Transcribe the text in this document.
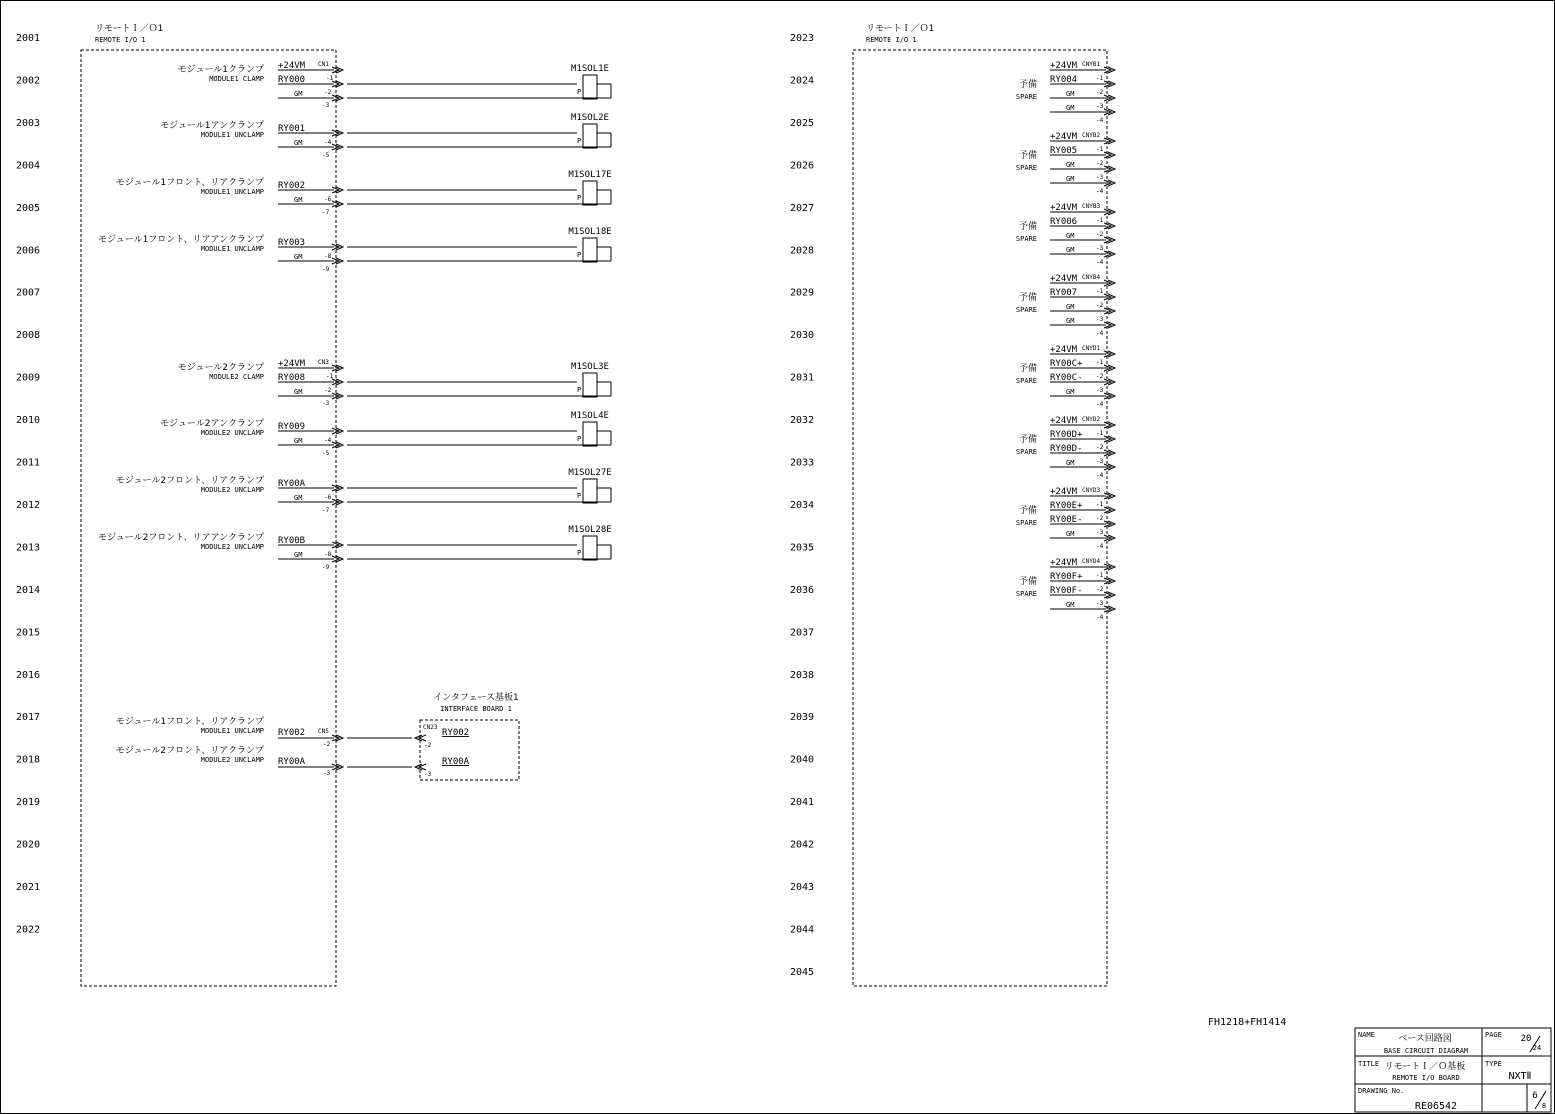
2001
2002
2003
2004
2005
2006
2007
2008
2009
2010
2011
2012
2013
2014
2015
2016
2017
2018
2019
2020
2021
2022
リモートＩ／Ｏ1
REMOTE I/O 1
モジュール1クランプ
MODULE1 CLAMP
+24VM CN1
-1
-2
-3
RY000
GM
M1SOL1E
P
モジュール1アンクランプ
MODULE1 UNCLAMP
-4
-5
RY001
GM
M1SOL2E
P
モジュール1フロント、リアクランプ
MODULE1 UNCLAMP
-6
-7
RY002
GM
M1SOL17E
P
モジュール1フロント、リアアンクランプ
MODULE1 UNCLAMP
-8
-9
RY003
GM
M1SOL18E
P
モジュール2クランプ
MODULE2 CLAMP
+24VM CN3
-1
-2
-3
RY008
GM
M1SOL3E
P
モジュール2アンクランプ
MODULE2 UNCLAMP
-4
-5
RY009
GM
M1SOL4E
P
モジュール2フロント、リアクランプ
MODULE2 UNCLAMP
-6
-7
RY00A
GM
M1SOL27E
P
モジュール2フロント、リアアンクランプ
MODULE2 UNCLAMP
-8
-9
RY00B
GM
M1SOL28E
P
インタフェース基板1
INTERFACE BOARD 1
CN5
CN23
モジュール1フロント、リアクランプ
MODULE1 UNCLAMP RY002
-2	-2
RY002
モジュール2フロント、リアクランプ
MODULE2 UNCLAMP RY00A
-3	-3
RY00A
2023
2024
2025
2026
2027
2028
2029
2030
2031
2032
2033
2034
2035
2036
2037
2038
2039
2040
2041
2042
2043
2044
2045
リモートＩ／Ｏ1
REMOTE I/O 1
+24VM CNYB1
予備
SPARE
RY004
GM
GM
-1
-2
-3
-4
+24VM CNYB2
予備
SPARE
RY005
GM
GM
-1
-2
-3
-4
+24VM CNYB3
予備
SPARE
RY006
GM
GM
-1
-2
-3
-4
+24VM CNYB4
予備
SPARE
RY007
GM
GM
-1
-2
-3
-4
+24VM CNYD1
予備
SPARE
RY00C+
RY00C-
GM
-1
-2
-3
-4
+24VM CNYD2
予備
SPARE
RY00D+
RY00D-
GM
-1
-2
-3
-4
+24VM CNYD3
予備
SPARE
RY00E+
RY00E-
GM
-1
-2
-3
-4
+24VM CNYD4
予備
SPARE
RY00F+
RY00F-
GM
-1
-2
-3
-4
FH1218+FH1414
NAME	ベース回路図
BASE CIRCUIT DIAGRAM
PAGE 20
24
TITLE リモートＩ／Ｏ基板
REMOTE I/O BOARD
TYPE
NXTⅡ
DRAWING No.
RE06542
6
8
